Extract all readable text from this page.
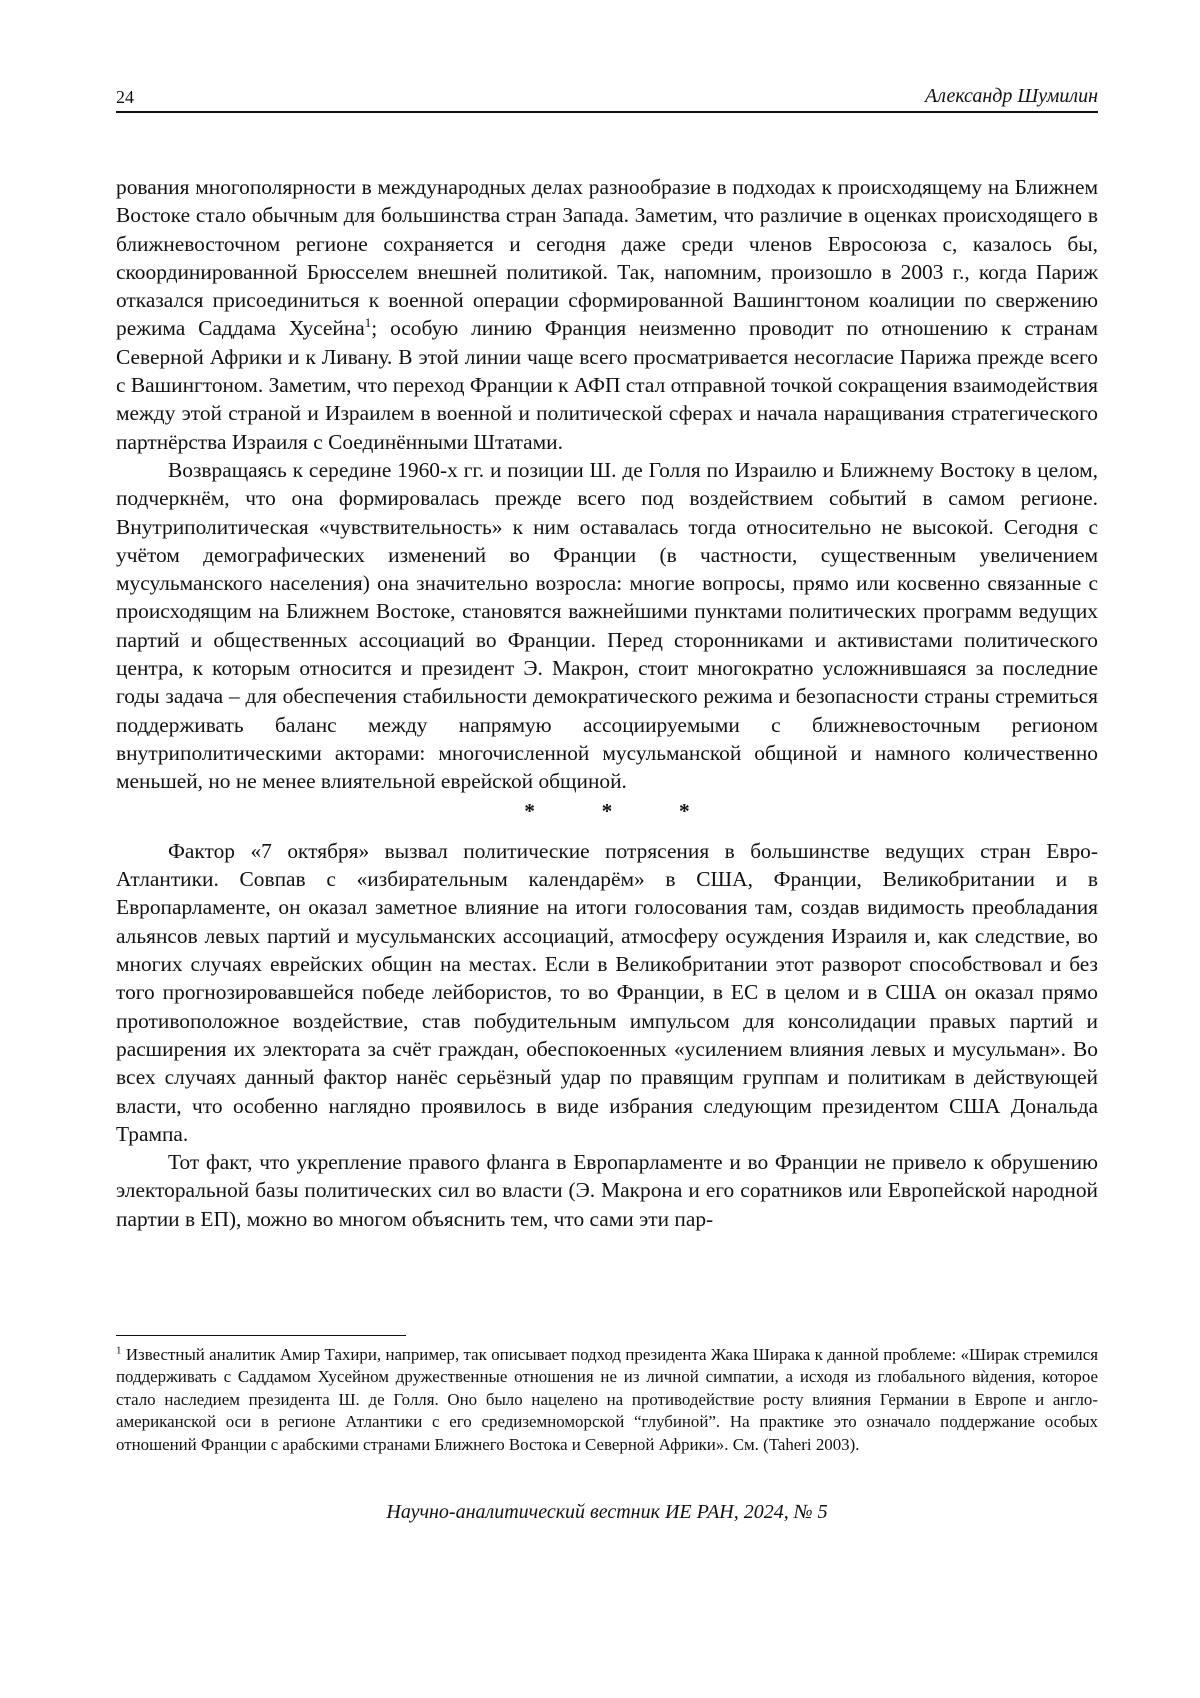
24	Александр Шумилин

рования многополярности в международных делах разнообразие в подходах к происходящему на Ближнем Востоке стало обычным для большинства стран Запада. Заметим, что различие в оценках происходящего в ближневосточном регионе сохраняется и сегодня даже среди членов Евросоюза с, казалось бы, скоординированной Брюсселем внешней политикой. Так, напомним, произошло в 2003 г., когда Париж отказался присоединиться к военной операции сформированной Вашингтоном коалиции по свержению режима Саддама Хусейна$^1$; особую линию Франция неизменно проводит по отношению к странам Северной Африки и к Ливану. В этой линии чаще всего просматривается несогласие Парижа прежде всего с Вашингтоном. Заметим, что переход Франции к АФП стал отправной точкой сокращения взаимодействия между этой страной и Израилем в военной и политической сферах и начала наращивания стратегического партнёрства Израиля с Соединёнными Штатами.

Возвращаясь к середине 1960-х гг. и позиции Ш. де Голля по Израилю и Ближнему Востоку в целом, подчеркнём, что она формировалась прежде всего под воздействием событий в самом регионе. Внутриполитическая «чувствительность» к ним оставалась тогда относительно не высокой. Сегодня с учётом демографических изменений во Франции (в частности, существенным увеличением мусульманского населения) она значительно возросла: многие вопросы, прямо или косвенно связанные с происходящим на Ближнем Востоке, становятся важнейшими пунктами политических программ ведущих партий и общественных ассоциаций во Франции. Перед сторонниками и активистами политического центра, к которым относится и президент Э. Макрон, стоит многократно усложнившаяся за последние годы задача – для обеспечения стабильности демократического режима и безопасности страны стремиться поддерживать баланс между напрямую ассоциируемыми с ближневосточным регионом внутриполитическими акторами: многочисленной мусульманской общиной и намного количественно меньшей, но не менее влиятельной еврейской общиной.

*	*	*

Фактор «7 октября» вызвал политические потрясения в большинстве ведущих стран Евро-Атлантики. Совпав с «избирательным календарём» в США, Франции, Великобритании и в Европарламенте, он оказал заметное влияние на итоги голосования там, создав видимость преобладания альянсов левых партий и мусульманских ассоциаций, атмосферу осуждения Израиля и, как следствие, во многих случаях еврейских общин на местах. Если в Великобритании этот разворот способствовал и без того прогнозировавшейся победе лейбористов, то во Франции, в ЕС в целом и в США он оказал прямо противоположное воздействие, став побудительным импульсом для консолидации правых партий и расширения их электората за счёт граждан, обеспокоенных «усилением влияния левых и мусульман». Во всех случаях данный фактор нанёс серьёзный удар по правящим группам и политикам в действующей власти, что особенно наглядно проявилось в виде избрания следующим президентом США Дональда Трампа.

Тот факт, что укрепление правого фланга в Европарламенте и во Франции не привело к обрушению электоральной базы политических сил во власти (Э. Макрона и его соратников или Европейской народной партии в ЕП), можно во многом объяснить тем, что сами эти пар-

$^1$ Известный аналитик Амир Тахири, например, так описывает подход президента Жака Ширака к данной проблеме: «Ширак стремился поддерживать с Саддамом Хусейном дружественные отношения не из личной симпатии, а исходя из глобального вѝдения, которое стало наследием президента Ш. де Голля. Оно было нацелено на противодействие росту влияния Германии в Европе и англо-американской оси в регионе Атлантики с его средиземноморской “глубиной”. На практике это означало поддержание особых отношений Франции с арабскими странами Ближнего Востока и Северной Африки». См. (Taheri 2003).

Научно-аналитический вестник ИЕ РАН, 2024, № 5
